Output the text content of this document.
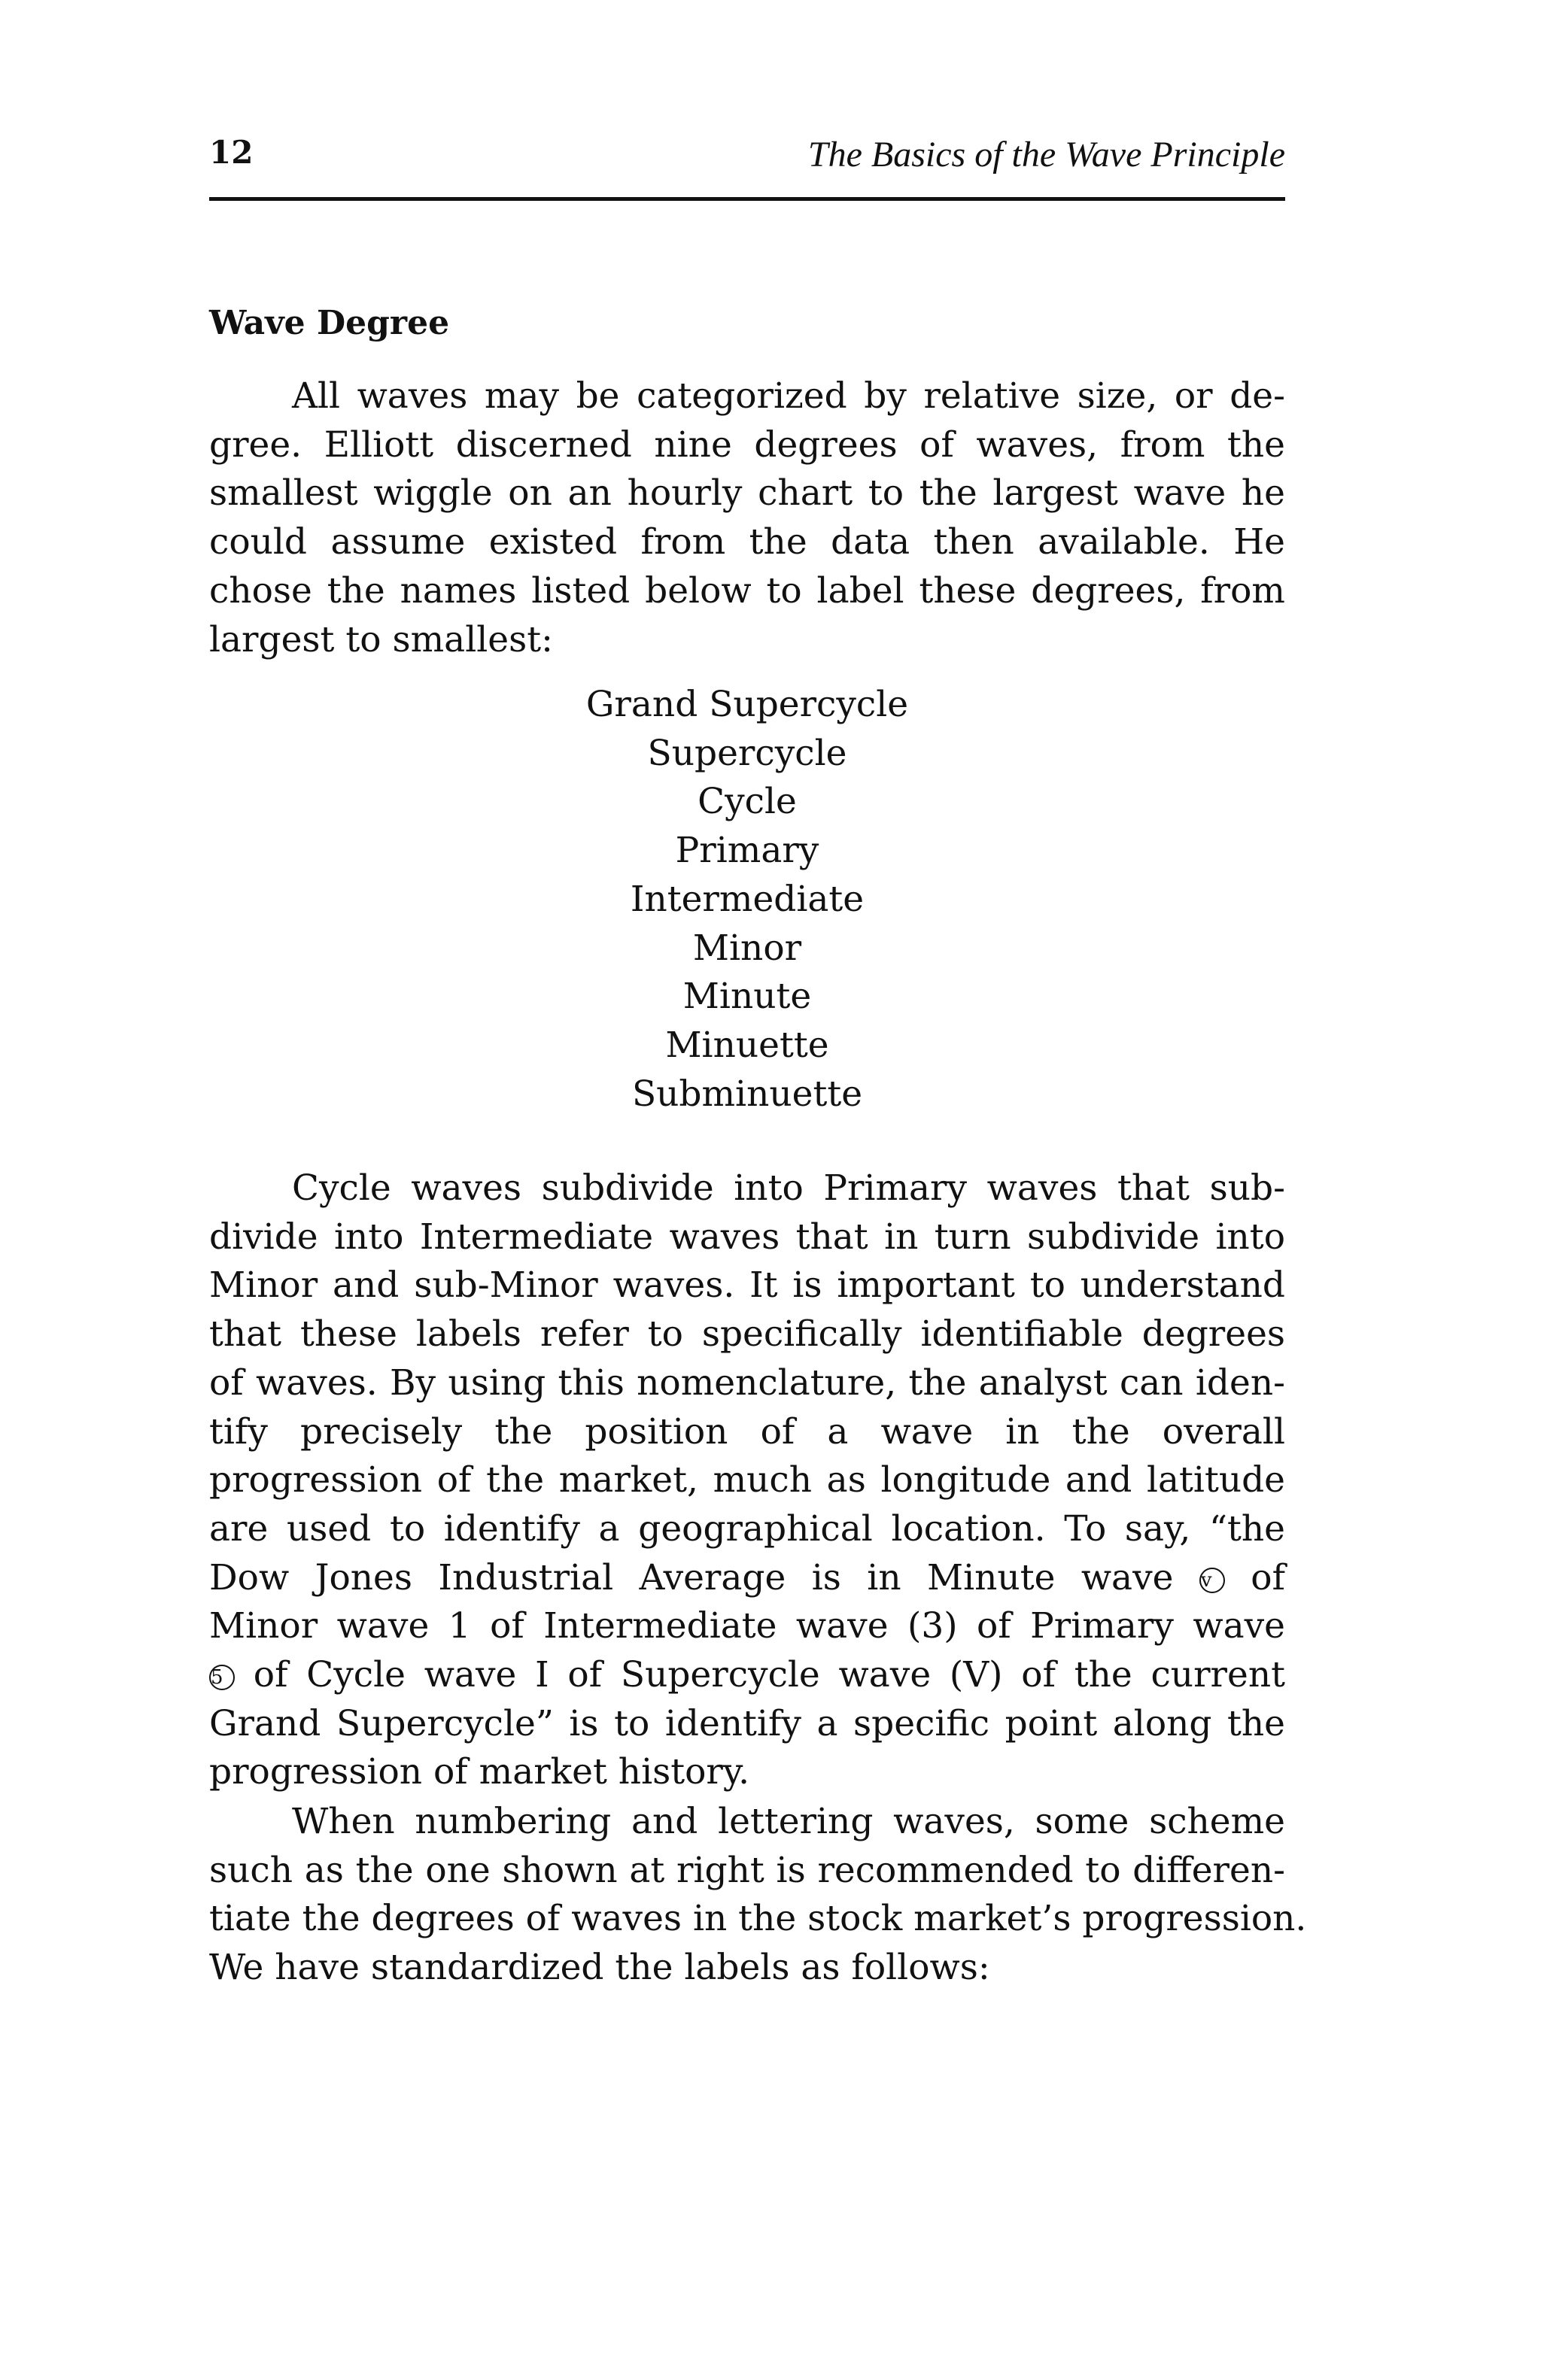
12	The Basics of the Wave Principle
Wave Degree

All waves may be categorized by relative size, or de-
gree. Elliott discerned nine degrees of waves, from the
smallest wiggle on an hourly chart to the largest wave he
could assume existed from the data then available. He
chose the names listed below to label these degrees, from
largest to smallest:

Grand Supercycle
Supercycle
Cycle
Primary
Intermediate
Minor
Minute
Minuette
Subminuette

Cycle waves subdivide into Primary waves that sub-
divide into Intermediate waves that in turn subdivide into
Minor and sub-Minor waves. It is important to understand
that these labels refer to specifically identifiable degrees
of waves. By using this nomenclature, the analyst can iden-
tify precisely the position of a wave in the overall
progression of the market, much as longitude and latitude
are used to identify a geographical location. To say, “the
Dow Jones Industrial Average is in Minute wave v of
Minor wave 1 of Intermediate wave (3) of Primary wave
5 of Cycle wave I of Supercycle wave (V) of the current
Grand Supercycle” is to identify a specific point along the
progression of market history.

When numbering and lettering waves, some scheme
such as the one shown at right is recommended to differen-
tiate the degrees of waves in the stock market’s progression.
We have standardized the labels as follows:
